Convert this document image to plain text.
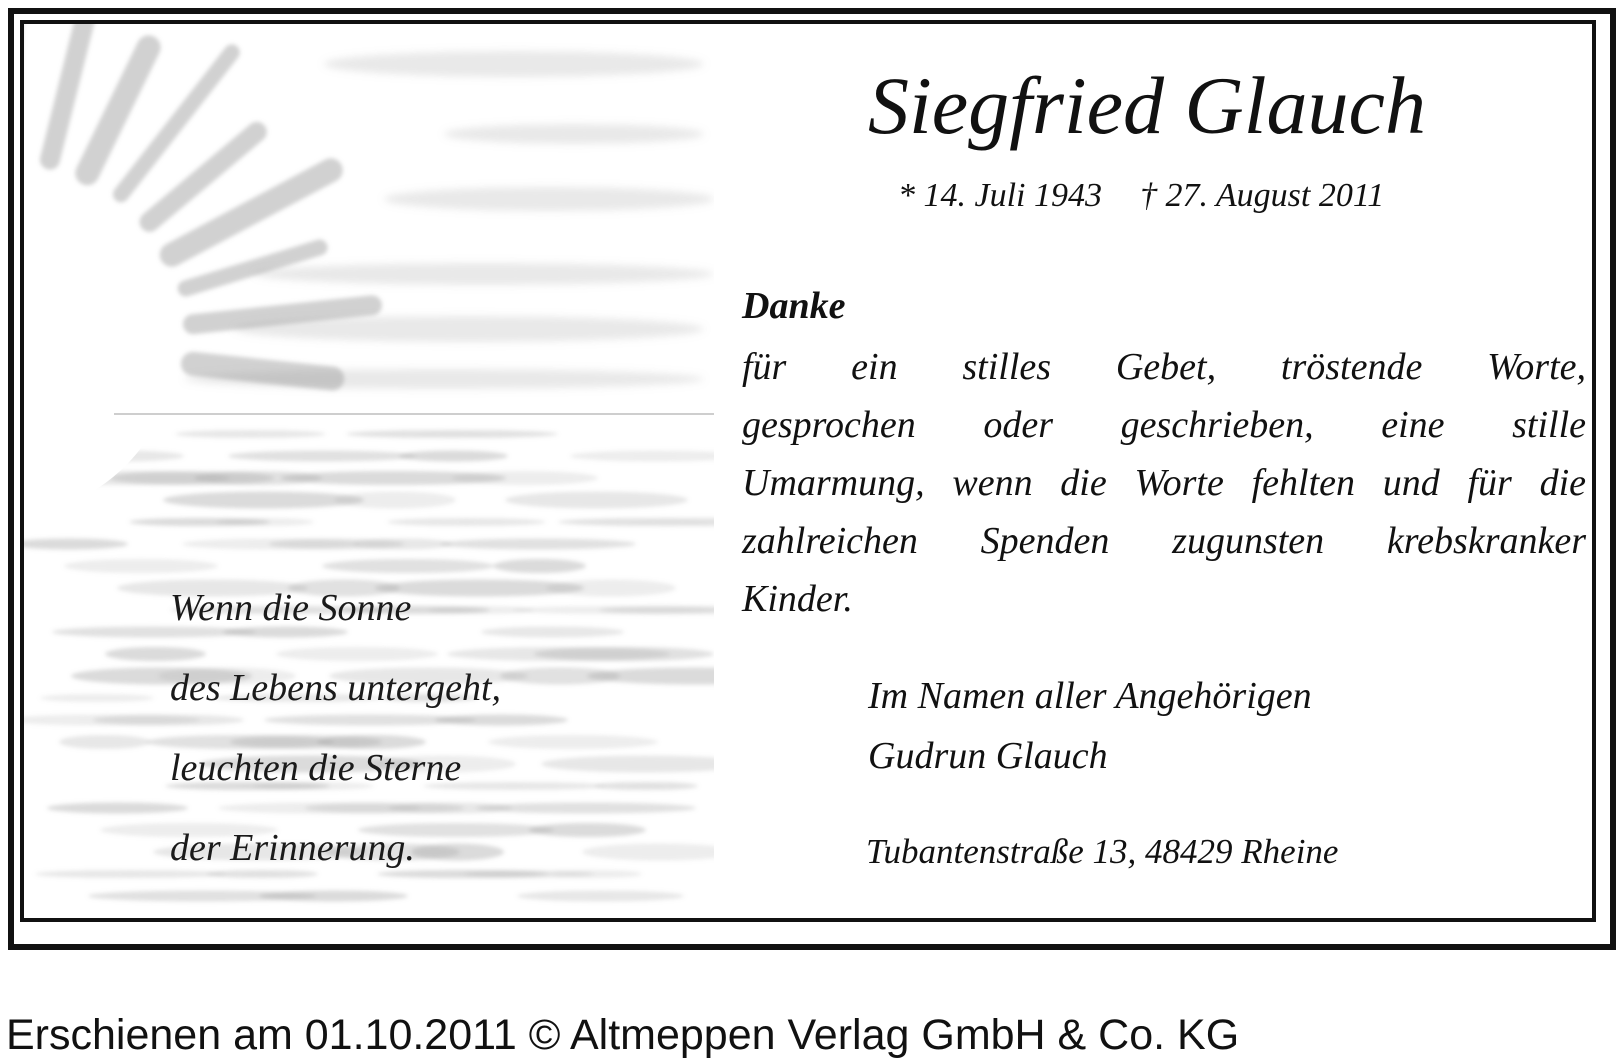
Wenn die Sonne
des Lebens untergeht,
leuchten die Sterne
der Erinnerung.
Siegfried Glauch
* 14. Juli 1943 † 27. August 2011
Danke
für ein stilles Gebet, tröstende Worte,
gesprochen oder geschrieben, eine stille
Umarmung, wenn die Worte fehlten und für die
zahlreichen Spenden zugunsten krebskranker
Kinder.
Im Namen aller Angehörigen
Gudrun Glauch
Tubantenstraße 13, 48429 Rheine
Erschienen am 01.10.2011 © Altmeppen Verlag GmbH & Co. KG
